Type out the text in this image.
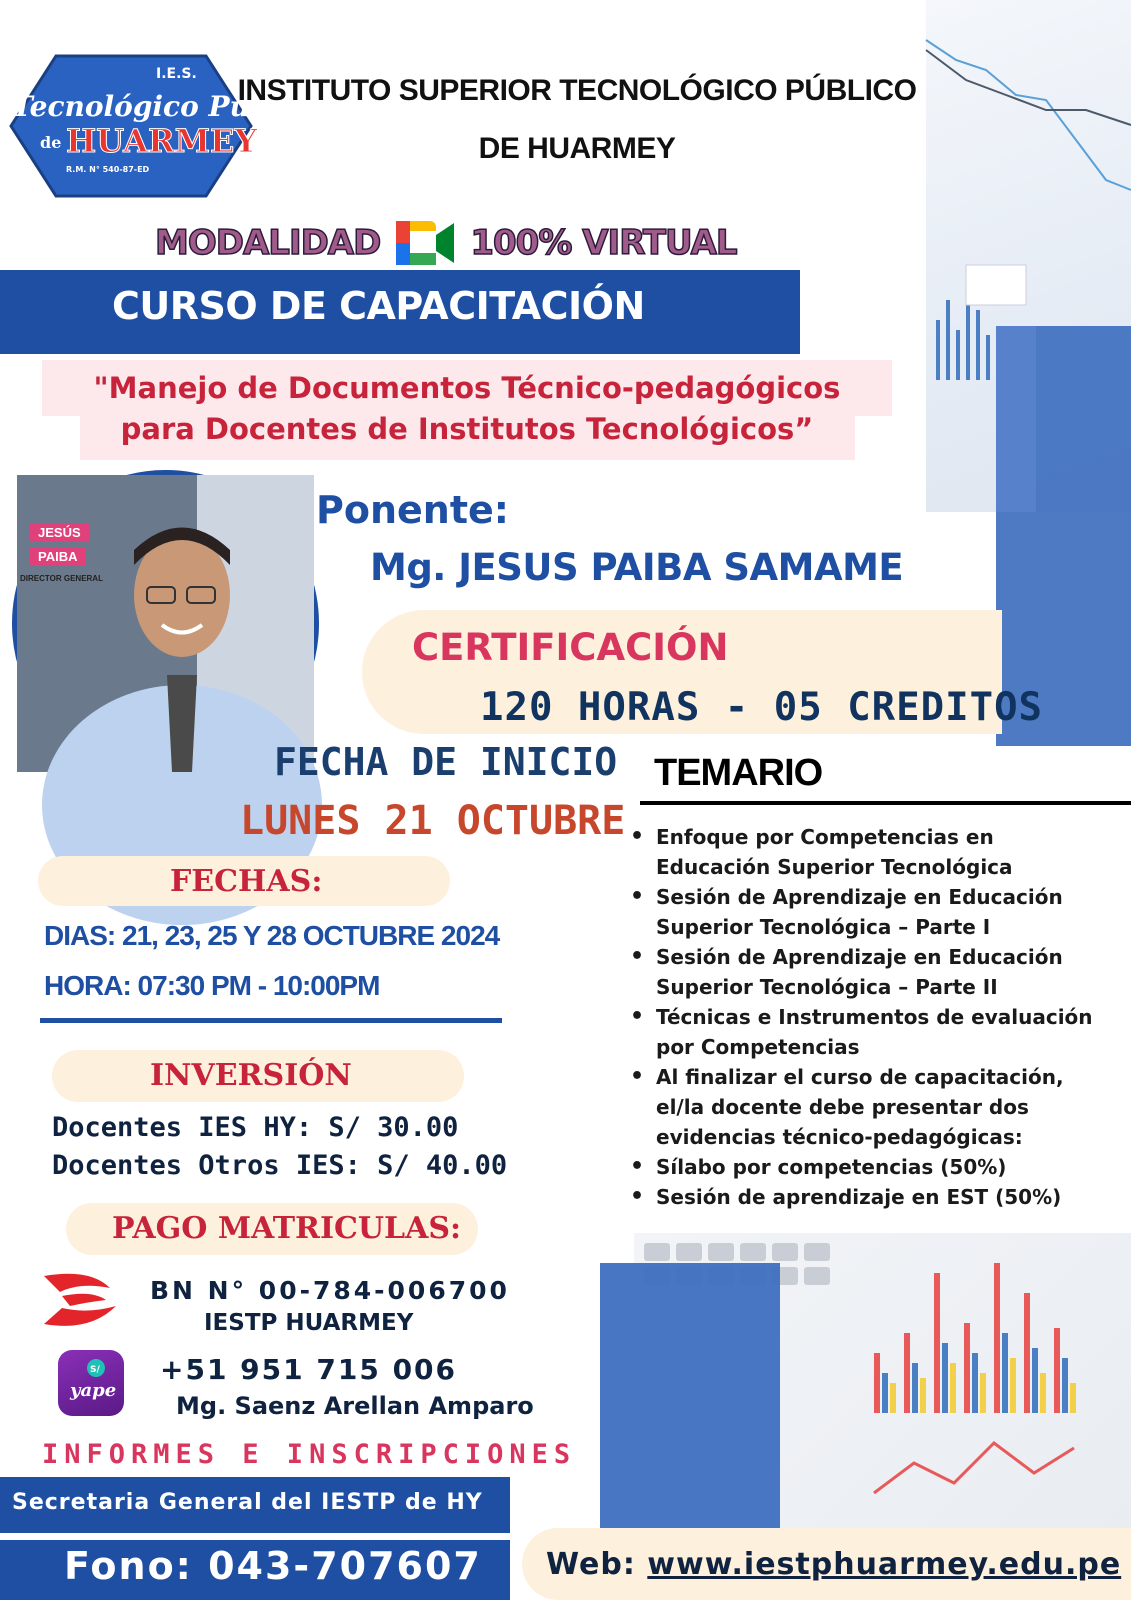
I.E.S.
Tecnológico Público
de HUARMEY
R.M. N° 540-87-ED
INSTITUTO SUPERIOR TECNOLÓGICO PÚBLICO
DE HUARMEY
MODALIDAD	100% VIRTUAL
CURSO DE CAPACITACIÓN
"Manejo de Documentos Técnico-pedagógicos
para Docentes de Institutos Tecnológicos”
JESÚS
PAIBA
DIRECTOR GENERAL
Ponente:
Mg. JESUS PAIBA SAMAME
CERTIFICACIÓN
120 HORAS - 05 CREDITOS
FECHA DE INICIO
LUNES 21 OCTUBRE
FECHAS:
DIAS: 21, 23, 25 Y 28 OCTUBRE 2024
HORA: 07:30 PM - 10:00PM
INVERSIÓN
Docentes IES HY: S/ 30.00
Docentes Otros IES: S/ 40.00
PAGO MATRICULAS:
BN N° 00-784-006700
IESTP HUARMEY
S/
yape
+51 951 715 006
Mg. Saenz Arellan Amparo
INFORMES E INSCRIPCIONES
Secretaria General del IESTP de HY
Fono: 043-707607 Web: www.iestphuarmey.edu.pe
TEMARIO
• Enfoque por Competencias en Educación Superior Tecnológica
• Sesión de Aprendizaje en Educación Superior Tecnológica – Parte I
• Sesión de Aprendizaje en Educación Superior Tecnológica – Parte II
• Técnicas e Instrumentos de evaluación por Competencias
• Al finalizar el curso de capacitación, el/la docente debe presentar dos evidencias técnico-pedagógicas:
• Sílabo por competencias (50%)
• Sesión de aprendizaje en EST (50%)
